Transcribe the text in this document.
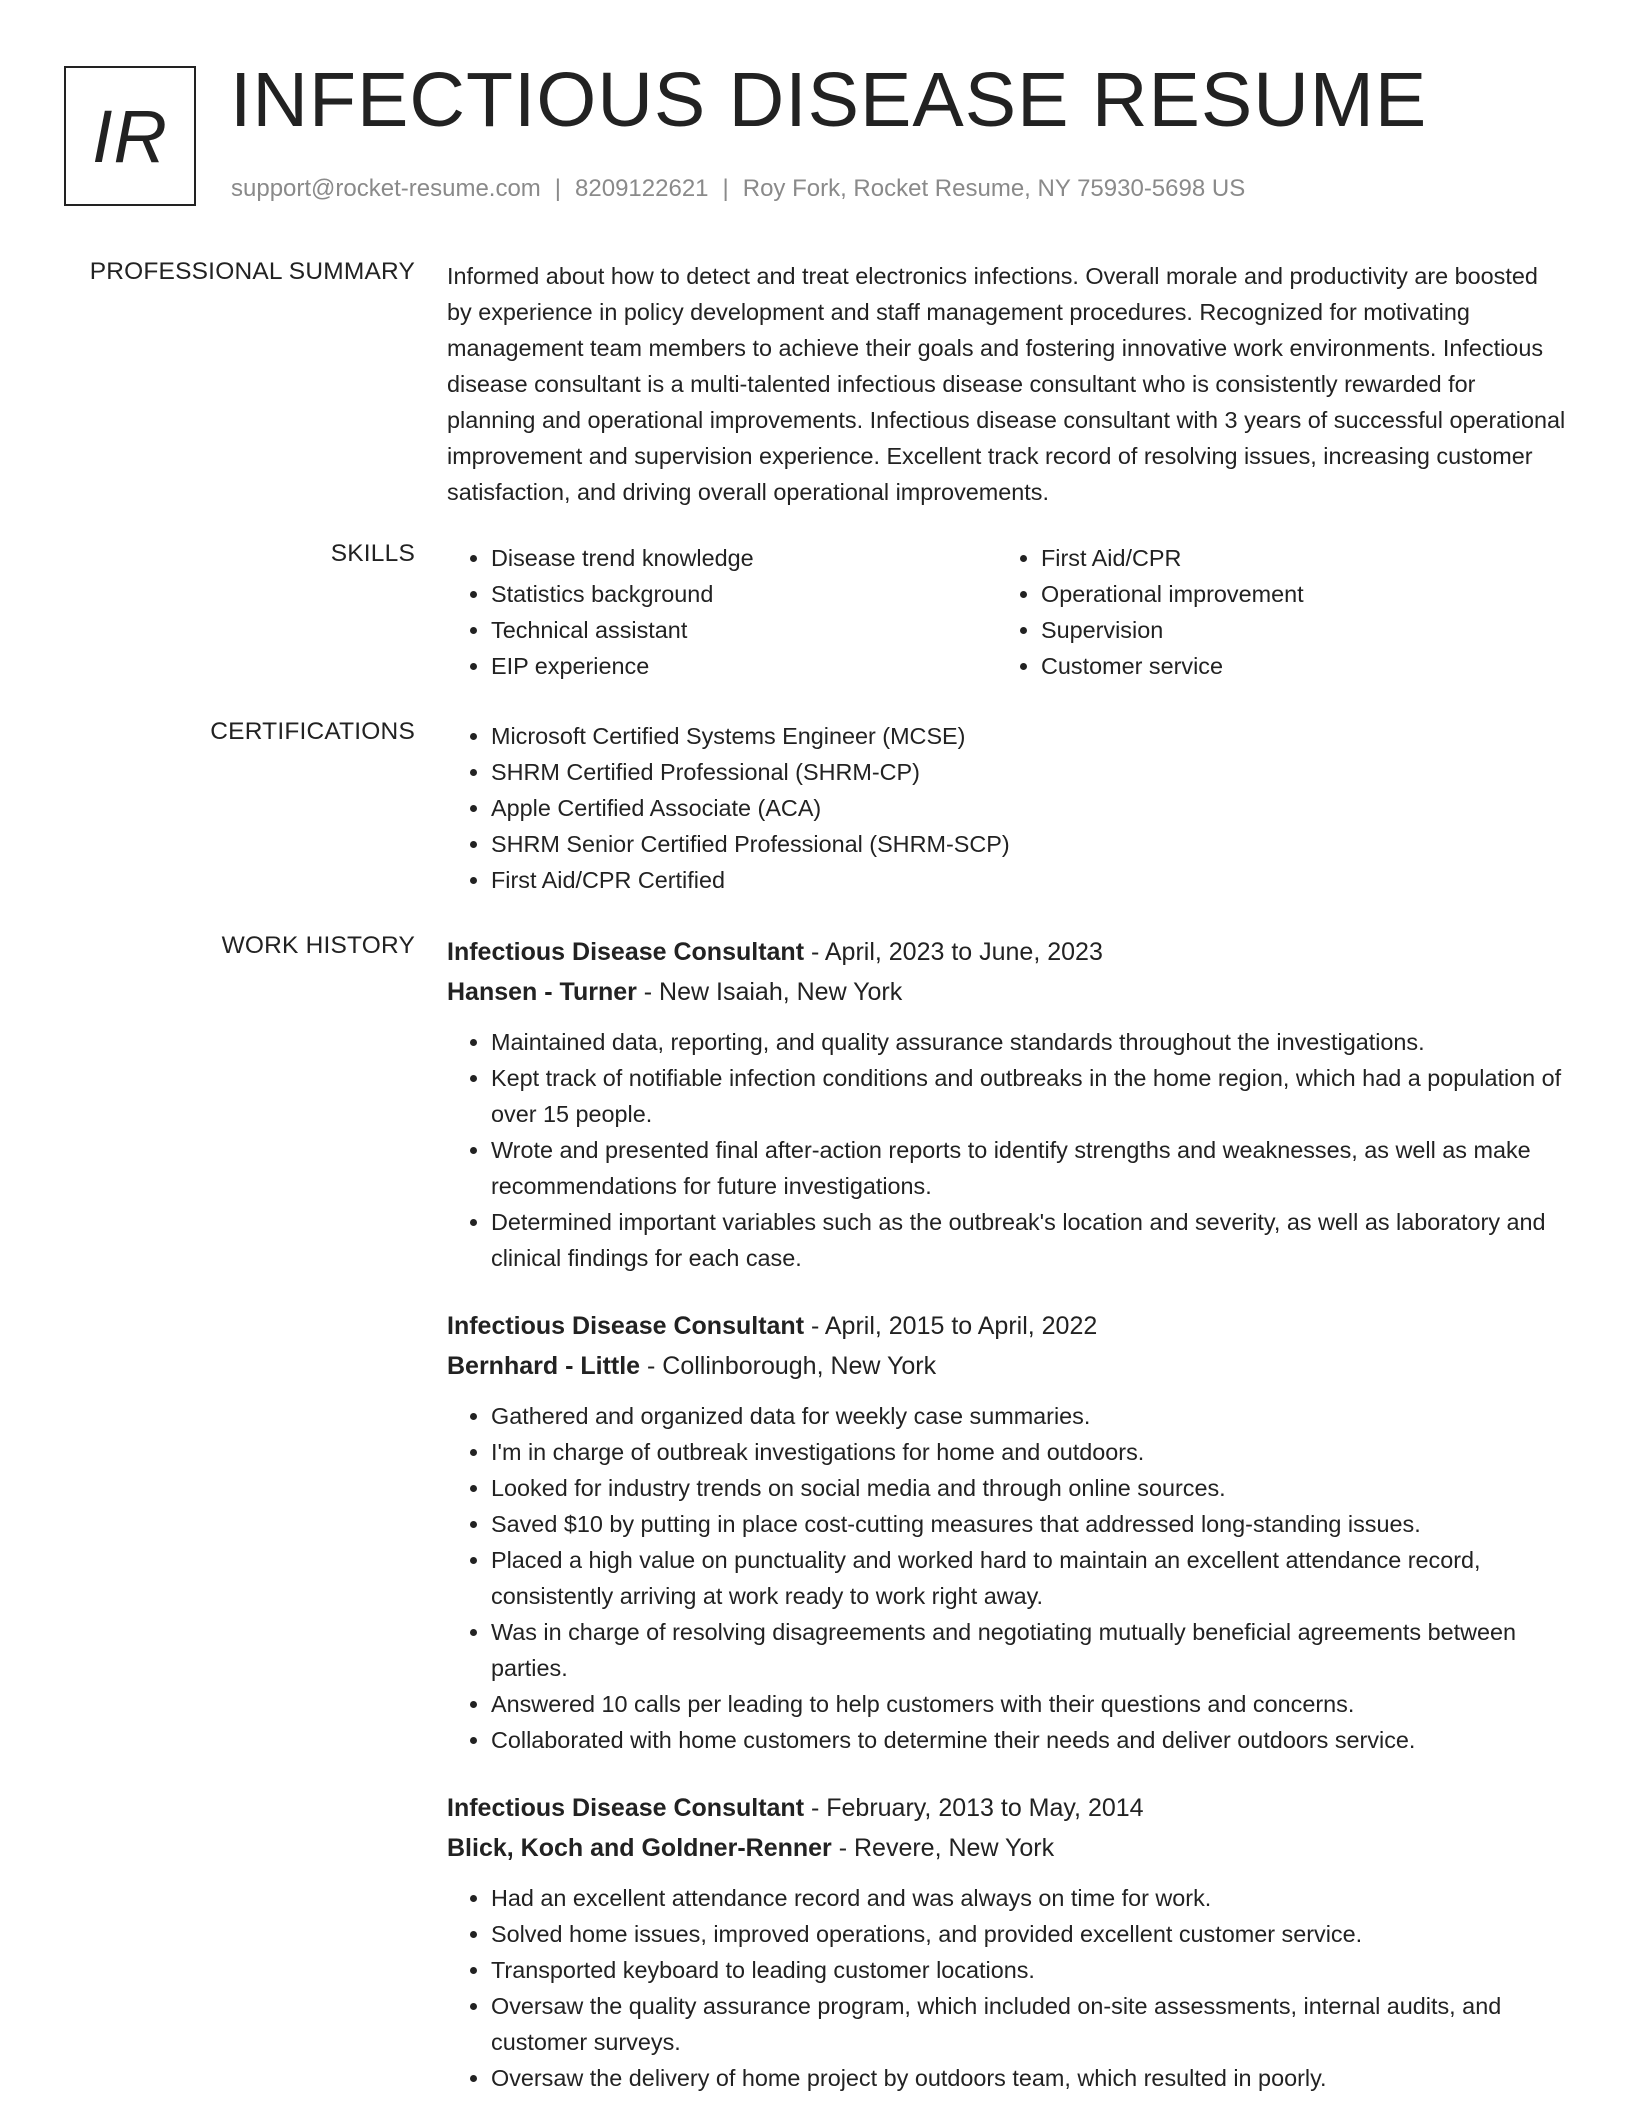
IR INFECTIOUS DISEASE RESUME
support@rocket-resume.com | 8209122621 | Roy Fork, Rocket Resume, NY 75930-5698 US
PROFESSIONAL SUMMARY Informed about how to detect and treat electronics infections. Overall morale and productivity are boosted by experience in policy development and staff management procedures. Recognized for motivating management team members to achieve their goals and fostering innovative work environments. Infectious disease consultant is a multi-talented infectious disease consultant who is consistently rewarded for planning and operational improvements. Infectious disease consultant with 3 years of successful operational improvement and supervision experience. Excellent track record of resolving issues, increasing customer satisfaction, and driving overall operational improvements.

SKILLS	• Disease trend knowledge
• Statistics background
• Technical assistant
• EIP experience
• First Aid/CPR
• Operational improvement
• Supervision
• Customer service
CERTIFICATIONS	• Microsoft Certified Systems Engineer (MCSE)
• SHRM Certified Professional (SHRM-CP)
• Apple Certified Associate (ACA)
• SHRM Senior Certified Professional (SHRM-SCP)
• First Aid/CPR Certified
WORK HISTORY Infectious Disease Consultant - April, 2023 to June, 2023
Hansen - Turner - New Isaiah, New York
• Maintained data, reporting, and quality assurance standards throughout the investigations.
• Kept track of notifiable infection conditions and outbreaks in the home region, which had a population of over 15 people.
• Wrote and presented final after-action reports to identify strengths and weaknesses, as well as make recommendations for future investigations.
• Determined important variables such as the outbreak's location and severity, as well as laboratory and clinical findings for each case.
Infectious Disease Consultant - April, 2015 to April, 2022
Bernhard - Little - Collinborough, New York
• Gathered and organized data for weekly case summaries.
• I'm in charge of outbreak investigations for home and outdoors.
• Looked for industry trends on social media and through online sources.
• Saved $10 by putting in place cost-cutting measures that addressed long-standing issues.
• Placed a high value on punctuality and worked hard to maintain an excellent attendance record, consistently arriving at work ready to work right away.
• Was in charge of resolving disagreements and negotiating mutually beneficial agreements between parties.
• Answered 10 calls per leading to help customers with their questions and concerns.
• Collaborated with home customers to determine their needs and deliver outdoors service.
Infectious Disease Consultant - February, 2013 to May, 2014
Blick, Koch and Goldner-Renner - Revere, New York
• Had an excellent attendance record and was always on time for work.
• Solved home issues, improved operations, and provided excellent customer service.
• Transported keyboard to leading customer locations.
• Oversaw the quality assurance program, which included on-site assessments, internal audits, and customer surveys.
• Oversaw the delivery of home project by outdoors team, which resulted in poorly.
